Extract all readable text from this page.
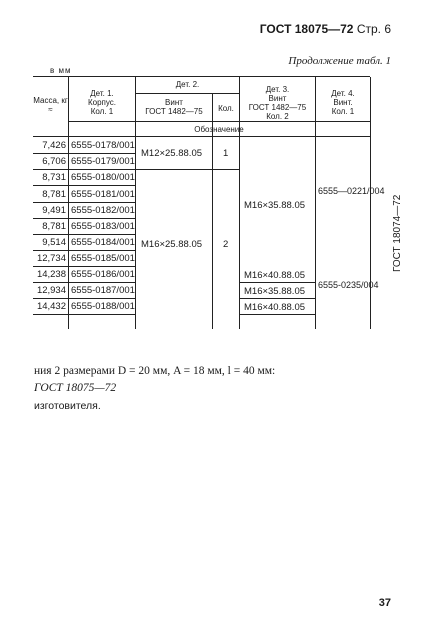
ГОСТ 18075—72 Стр. 6
Продолжение табл. 1
в мм
Масса, кг
≈
Дет. 1.
Корпус.
Кол. 1
Дет. 2.
Винт
ГОСТ 1482—75	Кол.
Дет. 3.
Винт
ГОСТ 1482—75
Кол. 2
Дет. 4.
Винт.
Кол. 1
Обозначение
7,426 6555-0178/001
6,706 6555-0179/001
8,731 6555-0180/001
8,781 6555-0181/001
9,491 6555-0182/001
8,781 6555-0183/001
9,514 6555-0184/001
12,734 6555-0185/001
14,238 6555-0186/001
12,934 6555-0187/001
14,432 6555-0188/001
M12×25.88.05 1
M16×25.88.05 2
M16×35.88.05
M16×40.88.05
M16×35.88.05
M16×40.88.05
6555—0221/004
6555-0235/004
ГОСТ 18074—72
ния 2 размерами D = 20 мм, A = 18 мм, l = 40 мм:
ГОСТ 18075—72
изготовителя.
37
